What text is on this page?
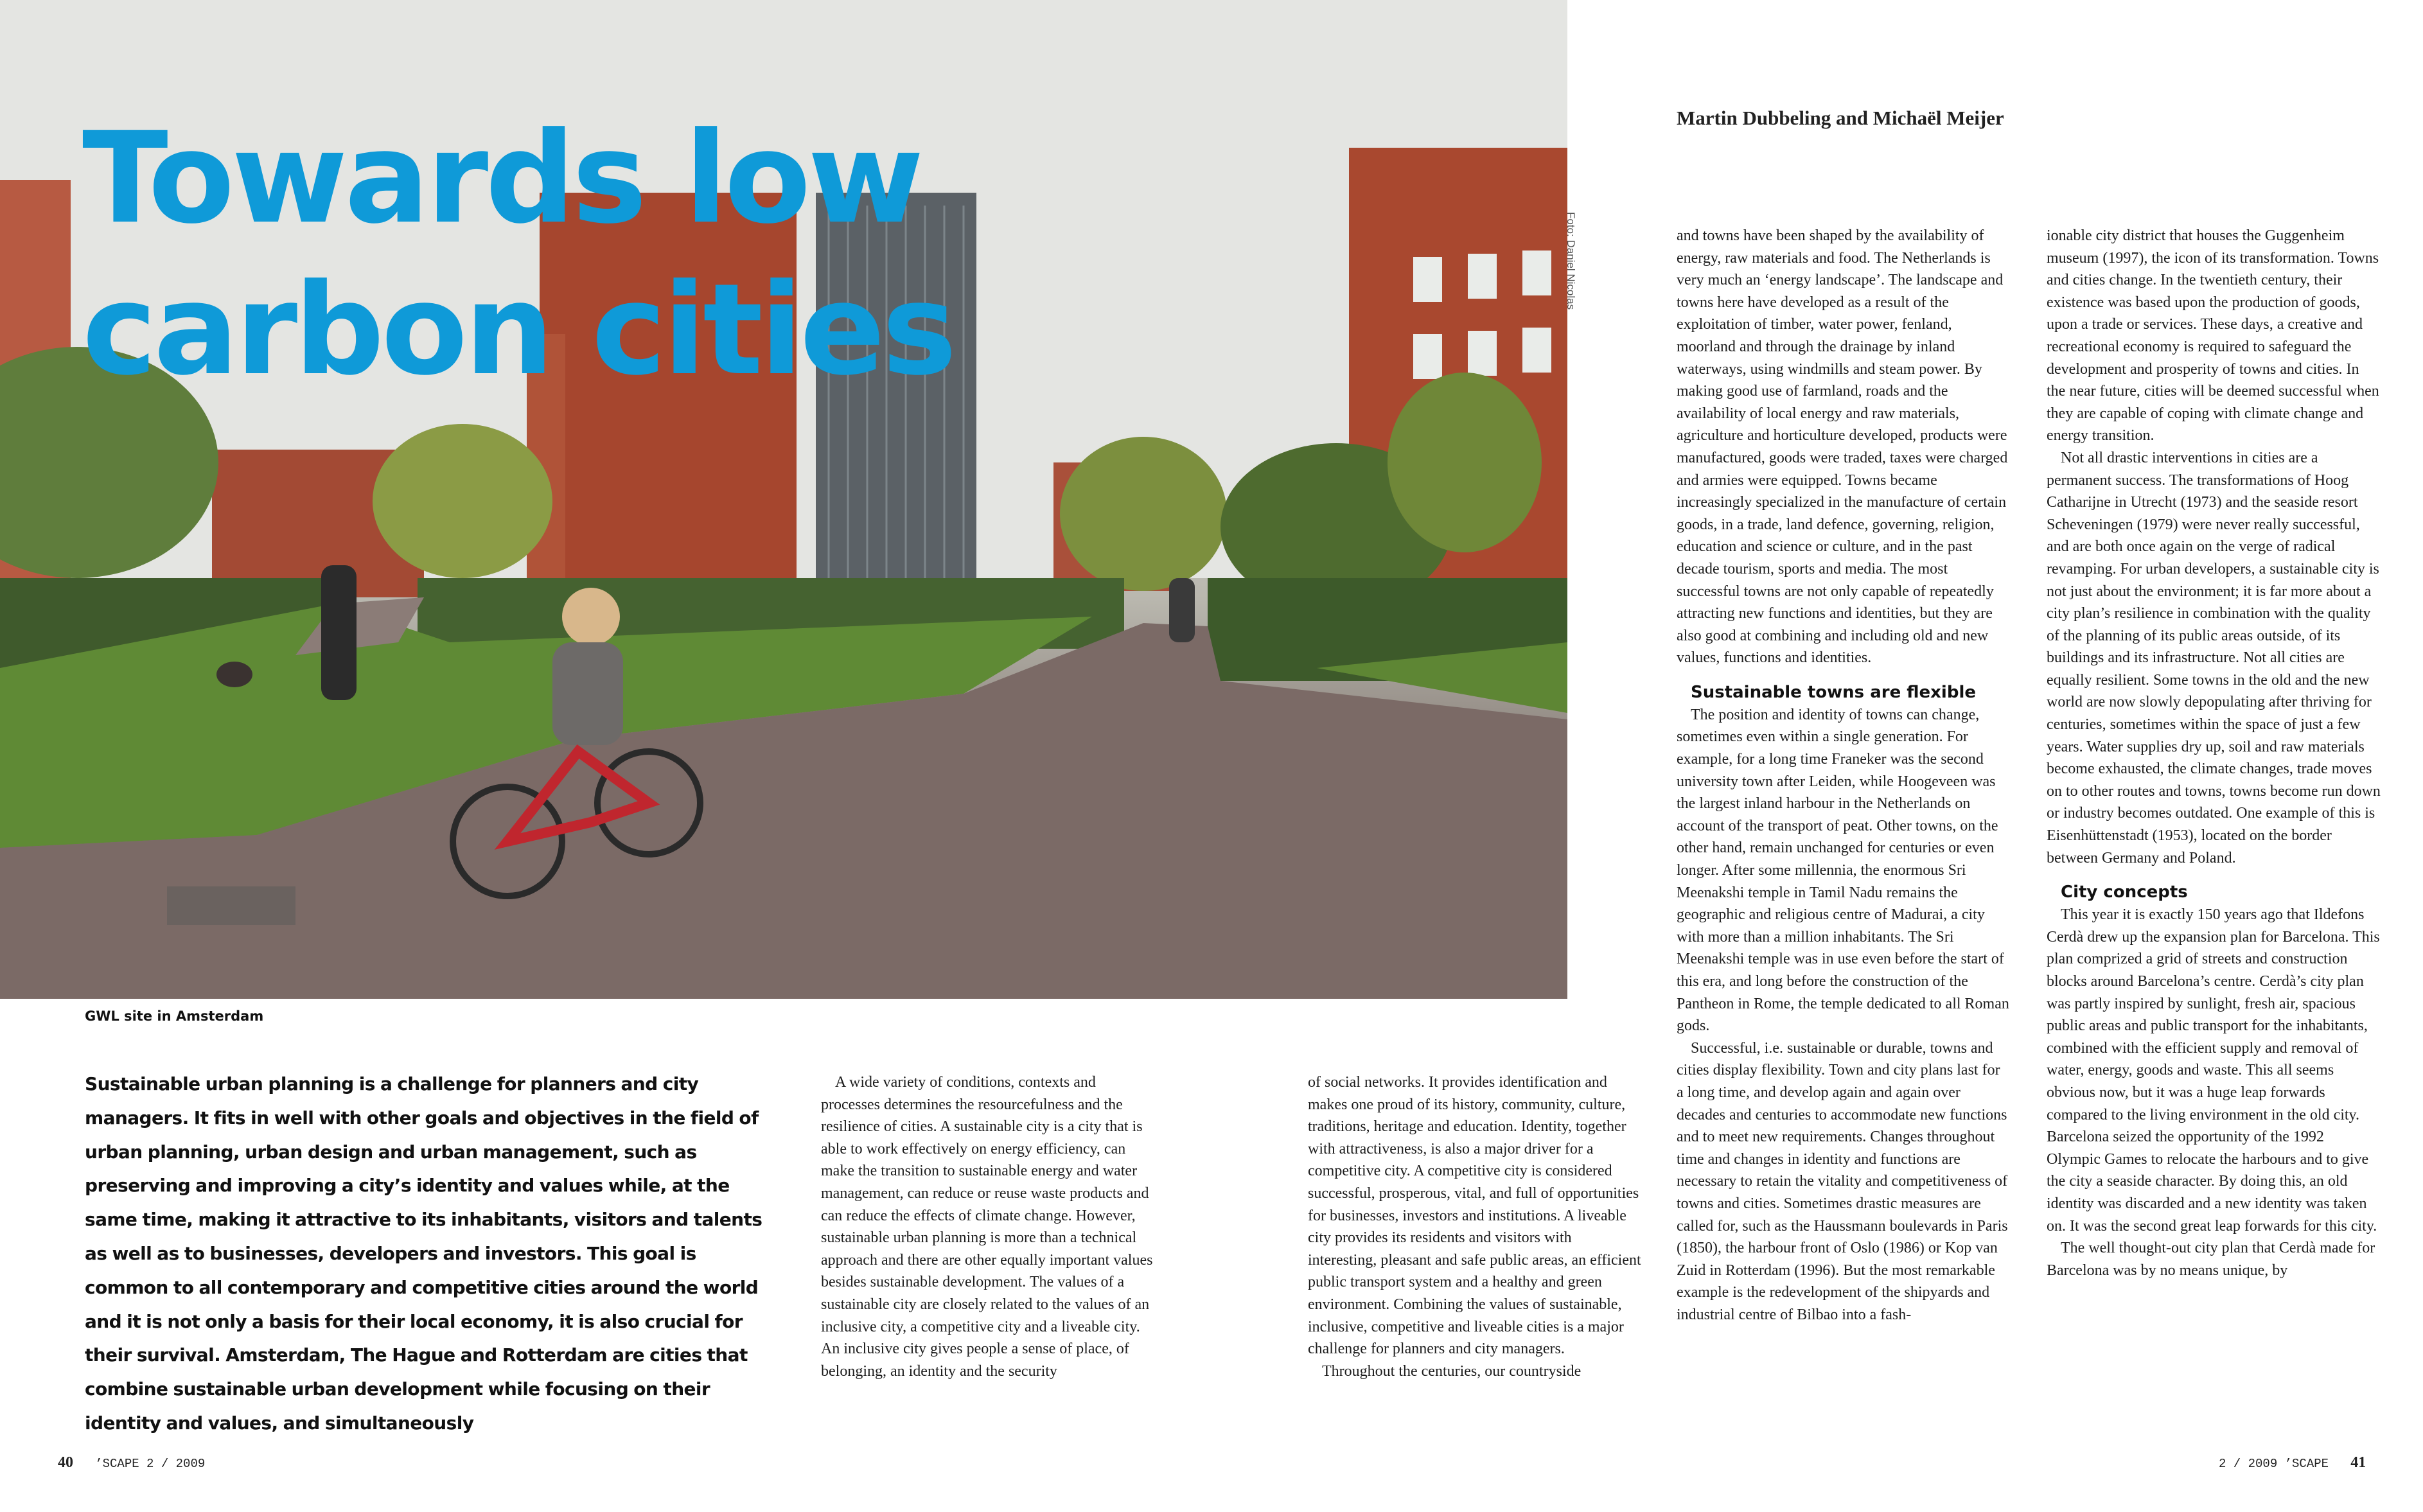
Foto: Daniel Nicolas
Towards low
carbon cities
GWL site in Amsterdam
Martin Dubbeling and Michaël Meijer
Sustainable urban planning is a challenge for planners and city managers. It fits in well with other goals and objectives in the field of urban planning, urban design and urban management, such as preserving and improving a city’s identity and values while, at the same time, making it attractive to its inhabitants, visitors and talents as well as to businesses, developers and investors. This goal is common to all contemporary and competitive cities around the world and it is not only a basis for their local economy, it is also crucial for their survival. Amsterdam, The Hague and Rotterdam are cities that combine sustainable urban development while focusing on their identity and values, and simultaneously

A wide variety of conditions, contexts and processes determines the resourcefulness and the resilience of cities. A sustainable city is a city that is able to work effectively on energy efficiency, can make the transition to sustainable energy and water management, can reduce or reuse waste products and can reduce the effects of climate change. However, sustainable urban planning is more than a technical approach and there are other equally important values besides sustainable development. The values of a sustainable city are closely related to the values of an inclusive city, a competitive city and a liveable city. An inclusive city gives people a sense of place, of belonging, an identity and the security

of social networks. It provides identification and makes one proud of its history, community, culture, traditions, heritage and education. Identity, together with attractiveness, is also a major driver for a competitive city. A competitive city is considered successful, prosperous, vital, and full of opportunities for businesses, investors and institutions. A liveable city provides its residents and visitors with interesting, pleasant and safe public areas, an efficient public transport system and a healthy and green environment. Combining the values of sustainable, inclusive, competitive and liveable cities is a major challenge for planners and city managers.

Throughout the centuries, our countryside

and towns have been shaped by the availability of energy, raw materials and food. The Netherlands is very much an ‘energy landscape’. The landscape and towns here have developed as a result of the exploitation of timber, water power, fenland, moorland and through the drainage by inland waterways, using windmills and steam power. By making good use of farmland, roads and the availability of local energy and raw materials, agriculture and horticulture developed, products were manufactured, goods were traded, taxes were charged and armies were equipped. Towns became increasingly specialized in the manufacture of certain goods, in a trade, land defence, governing, religion, education and science or culture, and in the past decade tourism, sports and media. The most successful towns are not only capable of repeatedly attracting new functions and identities, but they are also good at combining and including old and new values, functions and identities.

Sustainable towns are flexible

The position and identity of towns can change, sometimes even within a single generation. For example, for a long time Franeker was the second university town after Leiden, while Hoogeveen was the largest inland harbour in the Netherlands on account of the transport of peat. Other towns, on the other hand, remain unchanged for centuries or even longer. After some millennia, the enormous Sri Meenakshi temple in Tamil Nadu remains the geographic and religious centre of Madurai, a city with more than a million inhabitants. The Sri Meenakshi temple was in use even before the start of this era, and long before the construction of the Pantheon in Rome, the temple dedicated to all Roman gods.

Successful, i.e. sustainable or durable, towns and cities display flexibility. Town and city plans last for a long time, and develop again and again over decades and centuries to accommodate new functions and to meet new requirements. Changes throughout time and changes in identity and functions are necessary to retain the vitality and competitiveness of towns and cities. Sometimes drastic measures are called for, such as the Haussmann boulevards in Paris (1850), the harbour front of Oslo (1986) or Kop van Zuid in Rotterdam (1996). But the most remarkable example is the redevelopment of the shipyards and industrial centre of Bilbao into a fash-

ionable city district that houses the Guggenheim museum (1997), the icon of its transformation. Towns and cities change. In the twentieth century, their existence was based upon the production of goods, upon a trade or services. These days, a creative and recreational economy is required to safeguard the development and prosperity of towns and cities. In the near future, cities will be deemed successful when they are capable of coping with climate change and energy transition.

Not all drastic interventions in cities are a permanent success. The transformations of Hoog Catharijne in Utrecht (1973) and the seaside resort Scheveningen (1979) were never really successful, and are both once again on the verge of radical revamping. For urban developers, a sustainable city is not just about the environment; it is far more about a city plan’s resilience in combination with the quality of the planning of its public areas outside, of its buildings and its infrastructure. Not all cities are equally resilient. Some towns in the old and the new world are now slowly depopulating after thriving for centuries, sometimes within the space of just a few years. Water supplies dry up, soil and raw materials become exhausted, the climate changes, trade moves on to other routes and towns, towns become run down or industry becomes outdated. One example of this is Eisenhüttenstadt (1953), located on the border between Germany and Poland.

City concepts

This year it is exactly 150 years ago that Ildefons Cerdà drew up the expansion plan for Barcelona. This plan comprized a grid of streets and construction blocks around Barcelona’s centre. Cerdà’s city plan was partly inspired by sunlight, fresh air, spacious public areas and public transport for the inhabitants, combined with the efficient supply and removal of water, energy, goods and waste. This all seems obvious now, but it was a huge leap forwards compared to the living environment in the old city. Barcelona seized the opportunity of the 1992 Olympic Games to relocate the harbours and to give the city a seaside character. By doing this, an old identity was discarded and a new identity was taken on. It was the second great leap forwards for this city.

The well thought-out city plan that Cerdà made for Barcelona was by no means unique, by

40 ’SCAPE 2 / 2009	2 / 2009 ’SCAPE 41
